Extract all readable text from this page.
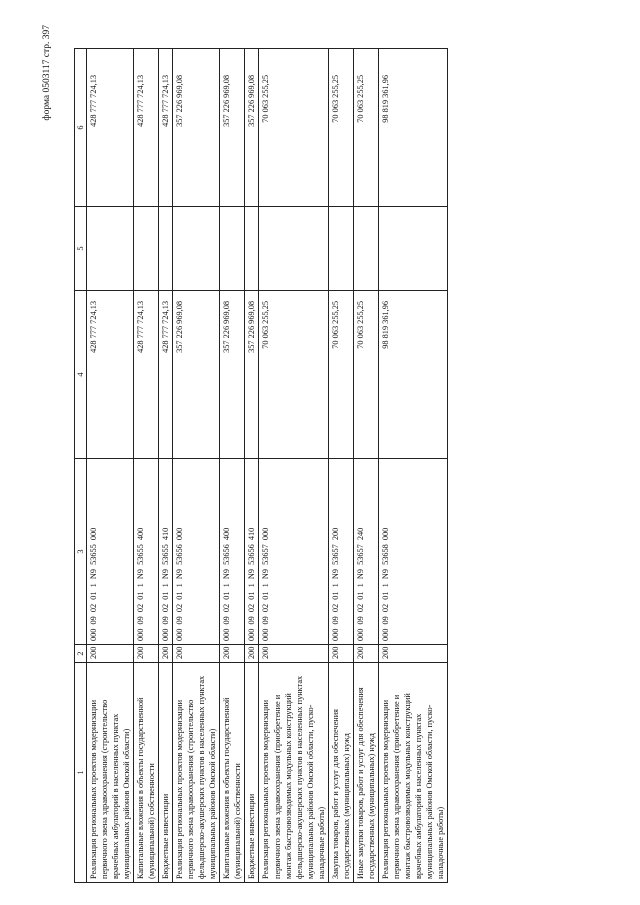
форма 0503117 стр. 397
1	2	3	4	5	6
Реализация региональных проектов модернизации первичного звена здравоохранения (строительство врачебных амбулаторий в населенных пунктах муниципальных районов Омской области)	200	000 09 02 01 1 N9 53655 000	428 777 724,13		428 777 724,13
Капитальные вложения в объекты государственной (муниципальной) собственности	200	000 09 02 01 1 N9 53655 400	428 777 724,13		428 777 724,13
Бюджетные инвестиции	200	000 09 02 01 1 N9 53655 410	428 777 724,13		428 777 724,13
Реализация региональных проектов модернизации первичного звена здравоохранения (строительство фельдшерско-акушерских пунктов в населенных пунктах муниципальных районов Омской области)	200	000 09 02 01 1 N9 53656 000	357 226 969,08		357 226 969,08
Капитальные вложения в объекты государственной (муниципальной) собственности	200	000 09 02 01 1 N9 53656 400	357 226 969,08		357 226 969,08
Бюджетные инвестиции	200	000 09 02 01 1 N9 53656 410	357 226 969,08		357 226 969,08
Реализация региональных проектов модернизации первичного звена здравоохранения (приобретение и монтаж быстровозводимых модульных конструкций фельдшерско-акушерских пунктов в населенных пунктах муниципальных районов Омской области, пуско-наладочные работы)	200	000 09 02 01 1 N9 53657 000	70 063 255,25		70 063 255,25
Закупка товаров, работ и услуг для обеспечения государственных (муниципальных) нужд	200	000 09 02 01 1 N9 53657 200	70 063 255,25		70 063 255,25
Иные закупки товаров, работ и услуг для обеспечения государственных (муниципальных) нужд	200	000 09 02 01 1 N9 53657 240	70 063 255,25		70 063 255,25
Реализация региональных проектов модернизации первичного звена здравоохранения (приобретение и монтаж быстровозводимых модульных конструкций врачебных амбулаторий в населенных пунктах муниципальных районов Омской области, пуско-наладочные работы)	200	000 09 02 01 1 N9 53658 000	98 819 361,96		98 819 361,96
